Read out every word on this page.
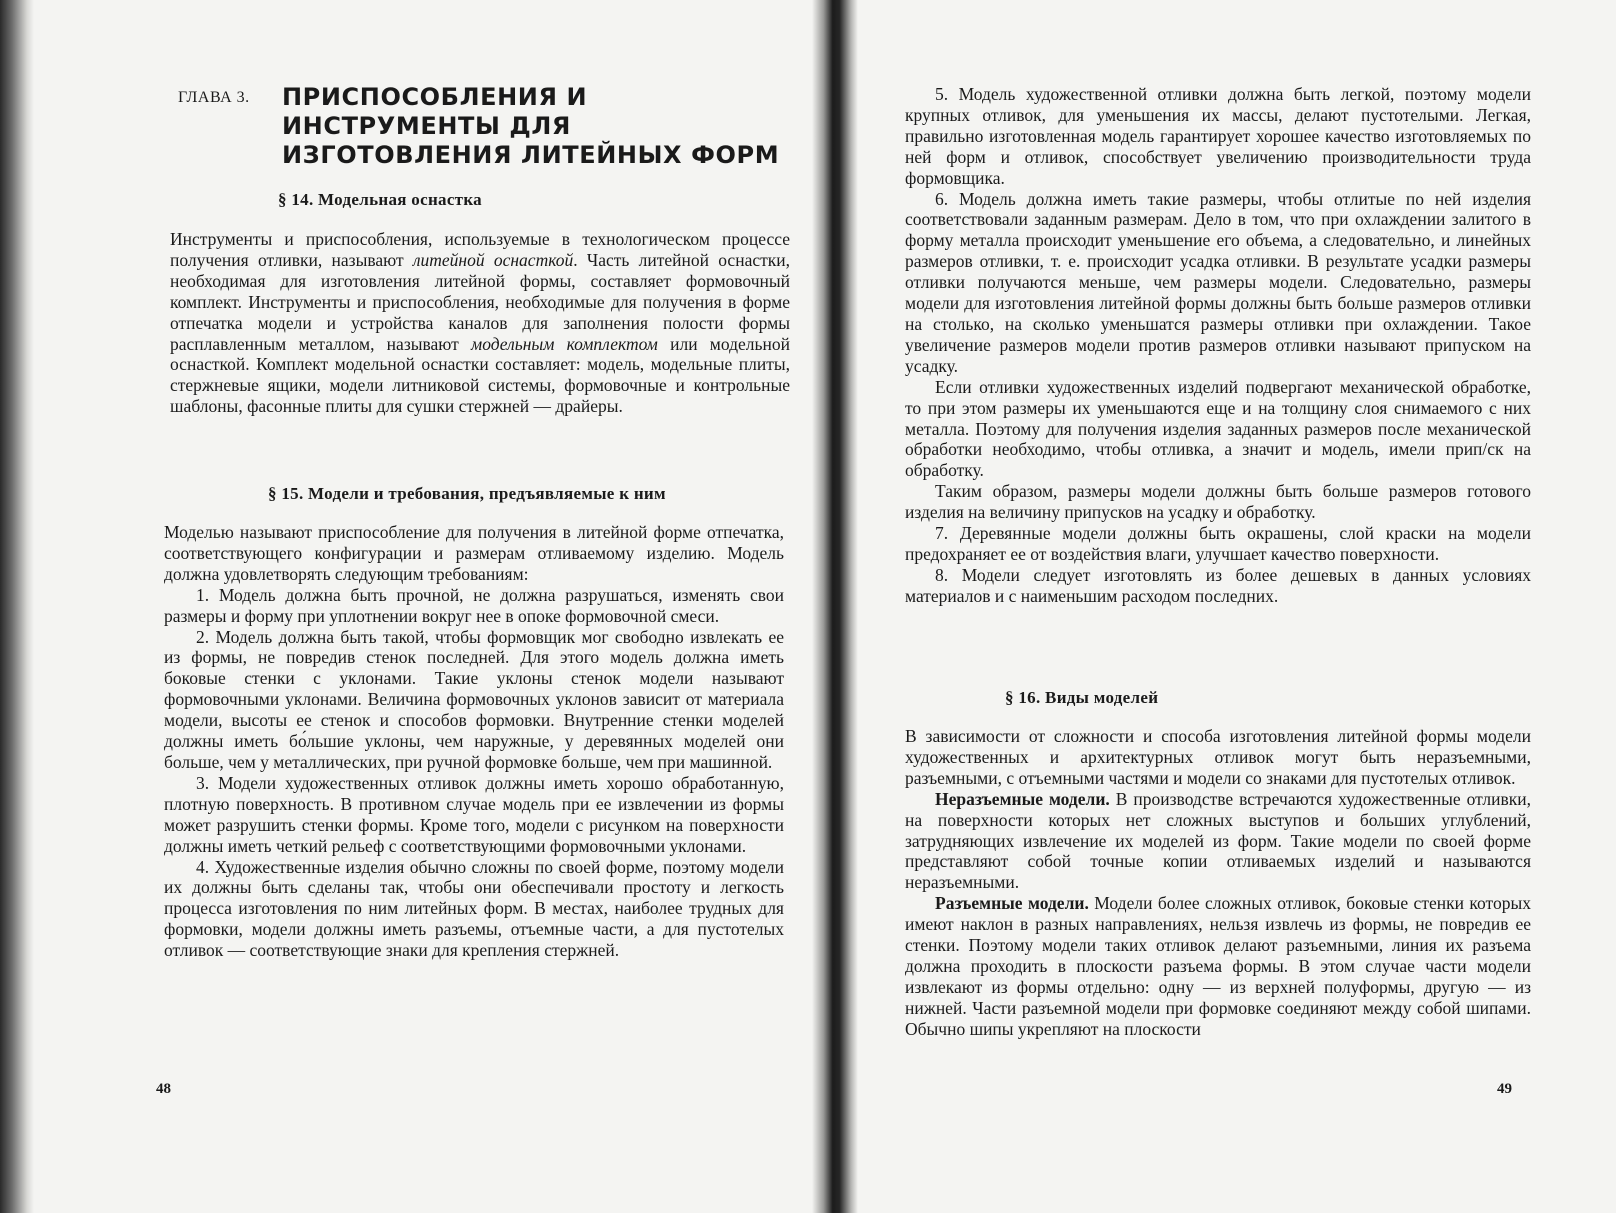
ГЛАВА 3. ПРИСПОСОБЛЕНИЯ И ИНСТРУМЕНТЫ ДЛЯ ИЗГОТОВЛЕНИЯ ЛИТЕЙНЫХ ФОРМ
§ 14. Модельная оснастка

Инструменты и приспособления, используемые в технологическом процессе получения отливки, называют литейной оснасткой. Часть литейной оснастки, необходимая для изготовления литейной формы, составляет формовочный комплект. Инструменты и приспособления, необходимые для получения в форме отпечатка модели и устройства каналов для заполнения полости формы расплавленным металлом, называют модельным комплектом или модельной оснасткой. Комплект модельной оснастки составляет: модель, модельные плиты, стержневые ящики, модели литниковой системы, формовочные и контрольные шаблоны, фасонные плиты для сушки стержней — драйеры.

§ 15. Модели и требования, предъявляемые к ним

Моделью называют приспособление для получения в литейной форме отпечатка, соответствующего конфигурации и размерам отливаемому изделию. Модель должна удовлетворять следующим требованиям:

1. Модель должна быть прочной, не должна разрушаться, изменять свои размеры и форму при уплотнении вокруг нее в опоке формовочной смеси.

2. Модель должна быть такой, чтобы формовщик мог свободно извлекать ее из формы, не повредив стенок последней. Для этого модель должна иметь боковые стенки с уклонами. Такие уклоны стенок модели называют формовочными уклонами. Величина формовочных уклонов зависит от материала модели, высоты ее стенок и способов формовки. Внутренние стенки моделей должны иметь бо́льшие уклоны, чем наружные, у деревянных моделей они больше, чем у металлических, при ручной формовке больше, чем при машинной.

3. Модели художественных отливок должны иметь хорошо обработанную, плотную поверхность. В противном случае модель при ее извлечении из формы может разрушить стенки формы. Кроме того, модели с рисунком на поверхности должны иметь четкий рельеф с соответствующими формовочными уклонами.

4. Художественные изделия обычно сложны по своей форме, поэтому модели их должны быть сделаны так, чтобы они обеспечивали простоту и легкость процесса изготовления по ним литейных форм. В местах, наиболее трудных для формовки, модели должны иметь разъемы, отъемные части, а для пустотелых отливок — соответствующие знаки для крепления стержней.

48

5. Модель художественной отливки должна быть легкой, поэтому модели крупных отливок, для уменьшения их массы, делают пустотелыми. Легкая, правильно изготовленная модель гарантирует хорошее качество изготовляемых по ней форм и отливок, способствует увеличению производительности труда формовщика.

6. Модель должна иметь такие размеры, чтобы отлитые по ней изделия соответствовали заданным размерам. Дело в том, что при охлаждении залитого в форму металла происходит уменьшение его объема, а следовательно, и линейных размеров отливки, т. е. происходит усадка отливки. В результате усадки размеры отливки получаются меньше, чем размеры модели. Следовательно, размеры модели для изготовления литейной формы должны быть больше размеров отливки на столько, на сколько уменьшатся размеры отливки при охлаждении. Такое увеличение размеров модели против размеров отливки называют припуском на усадку.

Если отливки художественных изделий подвергают механической обработке, то при этом размеры их уменьшаются еще и на толщину слоя снимаемого с них металла. Поэтому для получения изделия заданных размеров после механической обработки необходимо, чтобы отливка, а значит и модель, имели прип/ск на обработку.

Таким образом, размеры модели должны быть больше размеров готового изделия на величину припусков на усадку и обработку.

7. Деревянные модели должны быть окрашены, слой краски на модели предохраняет ее от воздействия влаги, улучшает качество поверхности.

8. Модели следует изготовлять из более дешевых в данных условиях материалов и с наименьшим расходом последних.

§ 16. Виды моделей

В зависимости от сложности и способа изготовления литейной формы модели художественных и архитектурных отливок могут быть неразъемными, разъемными, с отъемными частями и модели со знаками для пустотелых отливок.

Неразъемные модели. В производстве встречаются художественные отливки, на поверхности которых нет сложных выступов и больших углублений, затрудняющих извлечение их моделей из форм. Такие модели по своей форме представляют собой точные копии отливаемых изделий и называются неразъемными.

Разъемные модели. Модели более сложных отливок, боковые стенки которых имеют наклон в разных направлениях, нельзя извлечь из формы, не повредив ее стенки. Поэтому модели таких отливок делают разъемными, линия их разъема должна проходить в плоскости разъема формы. В этом случае части модели извлекают из формы отдельно: одну — из верхней полуформы, другую — из нижней. Части разъемной модели при формовке соединяют между собой шипами. Обычно шипы укрепляют на плоскости

49
